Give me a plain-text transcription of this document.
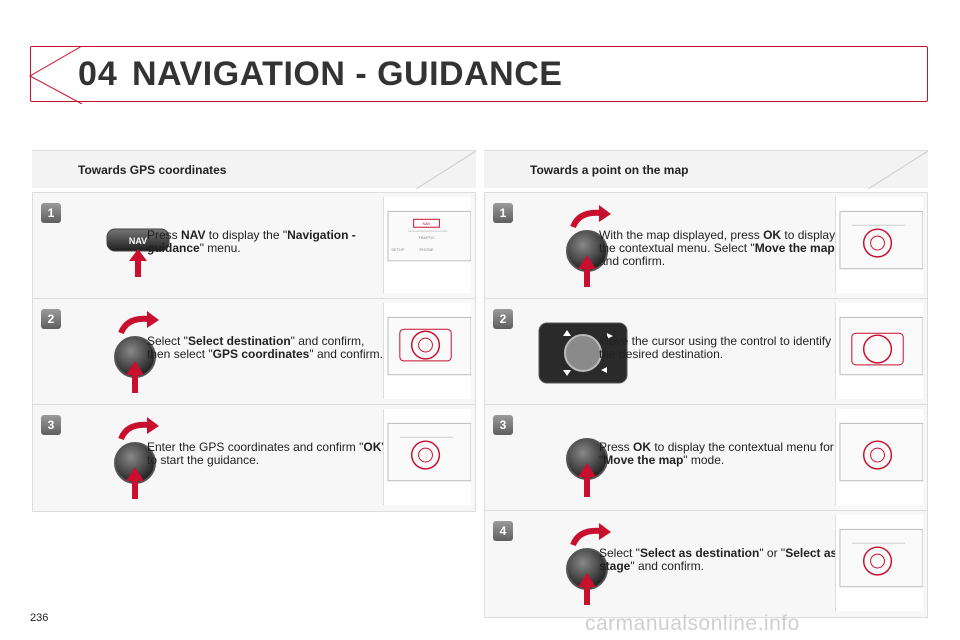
04 NAVIGATION - GUIDANCE
Towards GPS coordinates
1
NAV Press NAV to display the "Navigation - guidance" menu.
NAV
TRAFFIC
PHONE
SETUP
2
Select "Select destination" and confirm, then select "GPS coordinates" and confirm.
3
Enter the GPS coordinates and confirm "OK" to start the guidance.
Towards a point on the map
1
With the map displayed, press OK to display the contextual menu. Select "Move the map" and confirm.
2
Move the cursor using the control to identify the desired destination.
3
Press OK to display the contextual menu for "Move the map" mode.
4
Select "Select as destination" or "Select as stage" and confirm.
236	carmanualsonline.info
